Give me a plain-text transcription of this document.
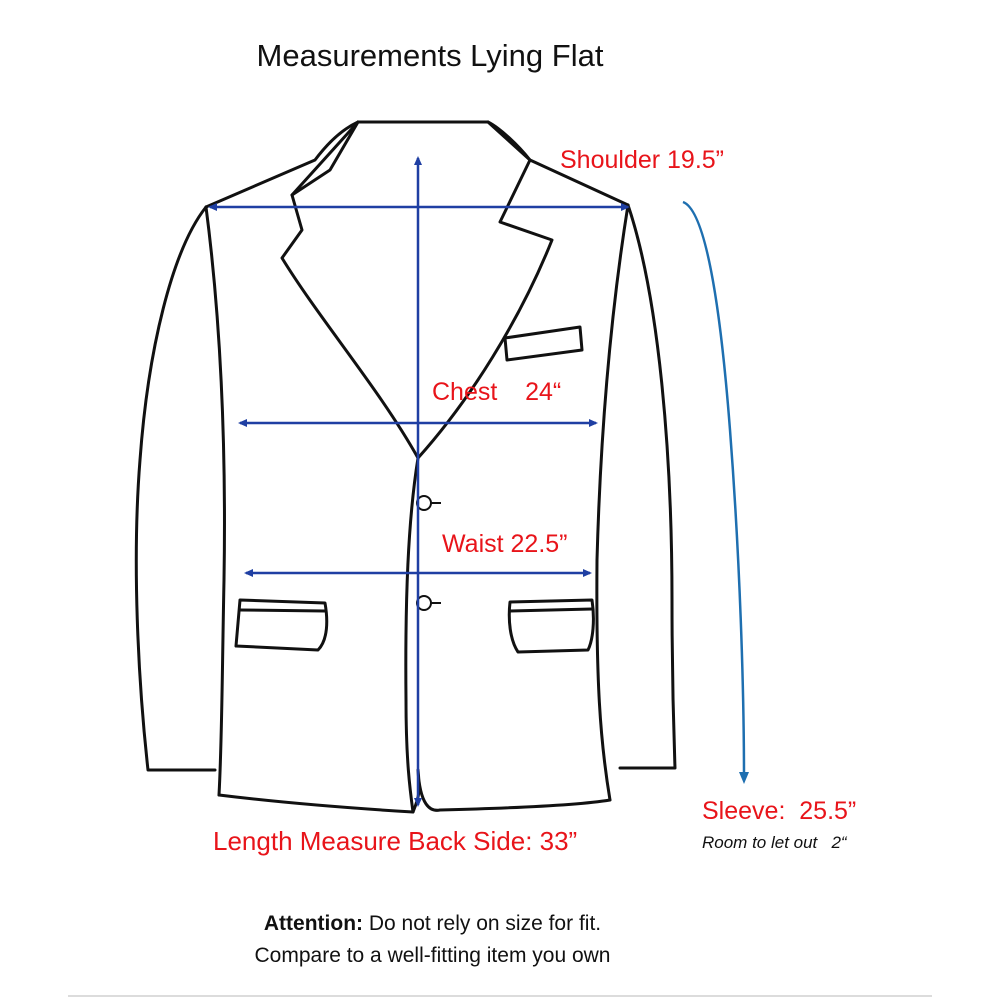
Measurements Lying Flat
Shoulder 19.5”
Chest    24“
Waist 22.5”
Length Measure Back Side: 33”
Sleeve:  25.5”
Room to let out   2“
Attention: Do not rely on size for fit.
Compare to a well-fitting item you own
